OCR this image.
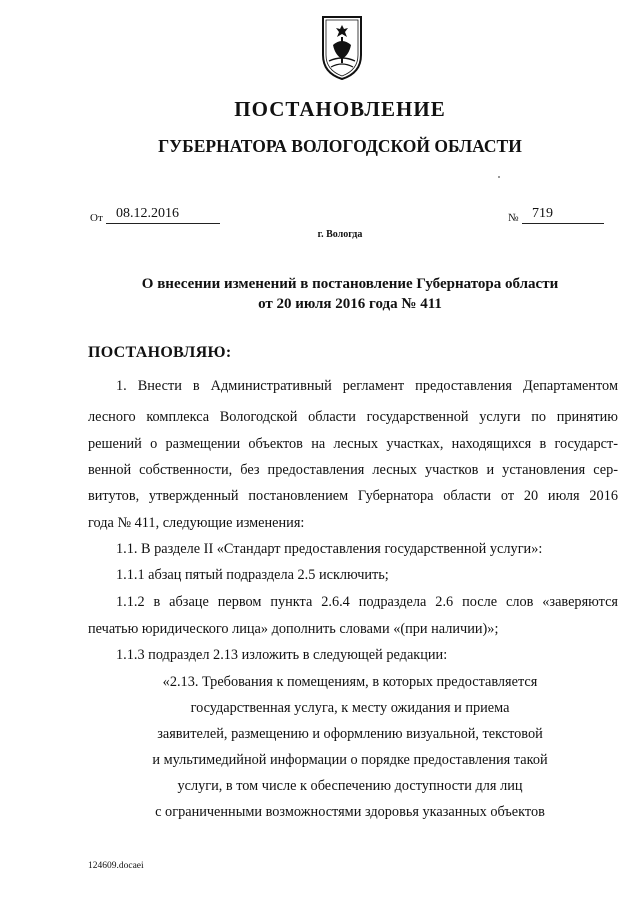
ПОСТАНОВЛЕНИЕ
ГУБЕРНАТОРА ВОЛОГОДСКОЙ ОБЛАСТИ
От 08.12.2016	№ 719
г. Вологда
О внесении изменений в постановление Губернатора области
от 20 июля 2016 года № 411
ПОСТАНОВЛЯЮ:
1. Внести в Административный регламент предоставления Департаментом
лесного комплекса Вологодской области государственной услуги по принятию
решений о размещении объектов на лесных участках, находящихся в государст-
венной собственности, без предоставления лесных участков и установления сер-
витутов, утвержденный постановлением Губернатора области от 20 июля 2016
года № 411, следующие изменения:
1.1. В разделе II «Стандарт предоставления государственной услуги»:
1.1.1 абзац пятый подраздела 2.5 исключить;
1.1.2 в абзаце первом пункта 2.6.4 подраздела 2.6 после слов «заверяются
печатью юридического лица» дополнить словами «(при наличии)»;
1.1.3 подраздел 2.13 изложить в следующей редакции:
«2.13. Требования к помещениям, в которых предоставляется
государственная услуга, к месту ожидания и приема
заявителей, размещению и оформлению визуальной, текстовой
и мультимедийной информации о порядке предоставления такой
услуги, в том числе к обеспечению доступности для лиц
с ограниченными возможностями здоровья указанных объектов
124609.docaei
